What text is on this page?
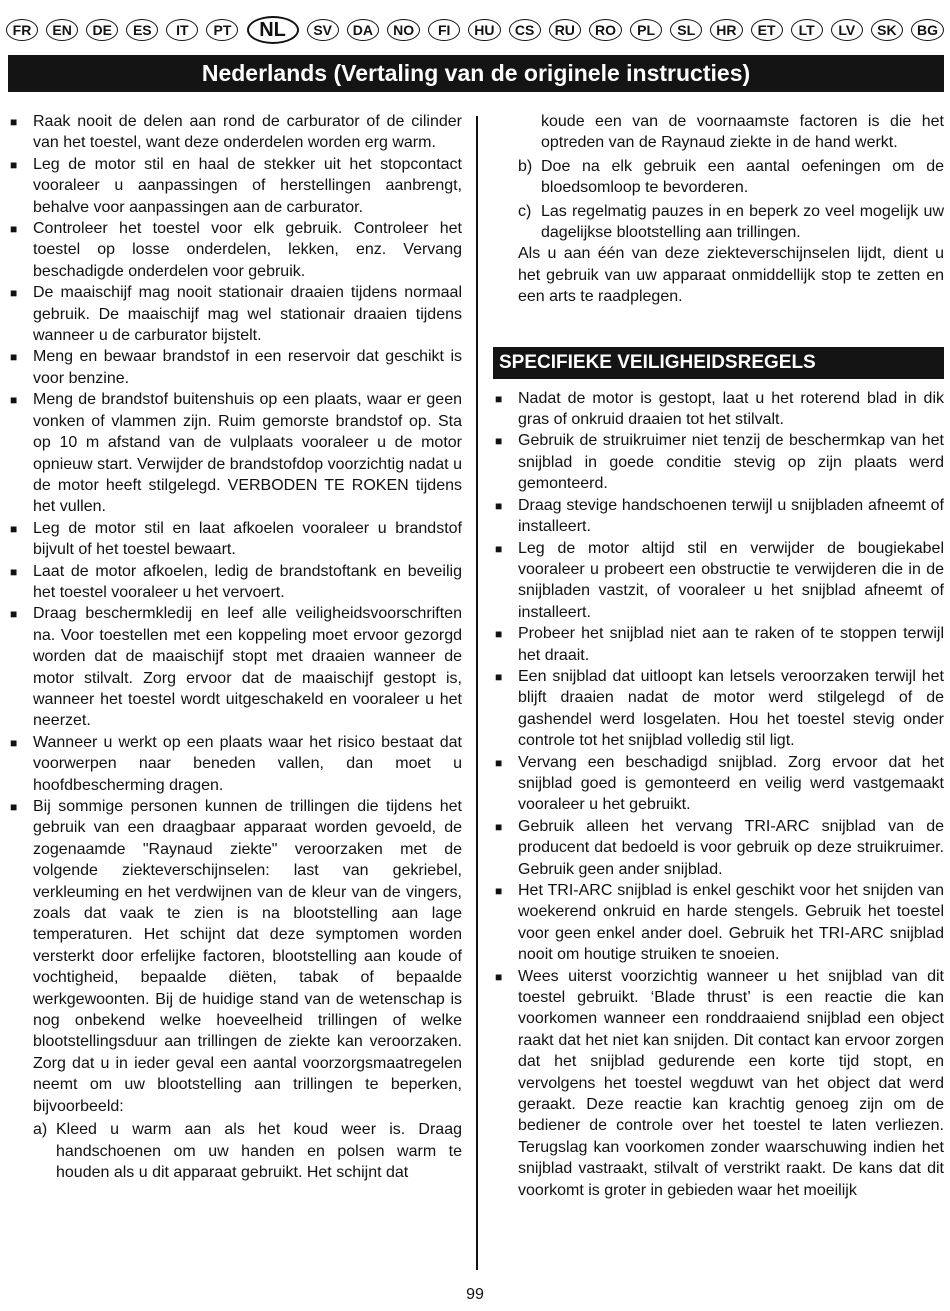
FR	EN	DE	ES	IT	PT	NL	SV	DA	NO	FI	HU	CS	RU	RO	PL	SL	HR	ET	LT	LV	SK	BG
Nederlands (Vertaling van de originele instructies)
■ Raak nooit de delen aan rond de carburator of de cilinder van het toestel, want deze onderdelen worden erg warm.
■ Leg de motor stil en haal de stekker uit het stopcontact vooraleer u aanpassingen of herstellingen aanbrengt, behalve voor aanpassingen aan de carburator.
■ Controleer het toestel voor elk gebruik. Controleer het toestel op losse onderdelen, lekken, enz. Vervang beschadigde onderdelen voor gebruik.
■ De maaischijf mag nooit stationair draaien tijdens normaal gebruik. De maaischijf mag wel stationair draaien tijdens wanneer u de carburator bijstelt.
■ Meng en bewaar brandstof in een reservoir dat geschikt is voor benzine.
■ Meng de brandstof buitenshuis op een plaats, waar er geen vonken of vlammen zijn. Ruim gemorste brandstof op. Sta op 10 m afstand van de vulplaats vooraleer u de motor opnieuw start. Verwijder de brandstofdop voorzichtig nadat u de motor heeft stilgelegd. VERBODEN TE ROKEN tijdens het vullen.
■ Leg de motor stil en laat afkoelen vooraleer u brandstof bijvult of het toestel bewaart.
■ Laat de motor afkoelen, ledig de brandstoftank en beveilig het toestel vooraleer u het vervoert.
■ Draag beschermkledij en leef alle veiligheidsvoorschriften na. Voor toestellen met een koppeling moet ervoor gezorgd worden dat de maaischijf stopt met draaien wanneer de motor stilvalt. Zorg ervoor dat de maaischijf gestopt is, wanneer het toestel wordt uitgeschakeld en vooraleer u het neerzet.
■ Wanneer u werkt op een plaats waar het risico bestaat dat voorwerpen naar beneden vallen, dan moet u hoofdbescherming dragen.
■ Bij sommige personen kunnen de trillingen die tijdens het gebruik van een draagbaar apparaat worden gevoeld, de zogenaamde "Raynaud ziekte" veroorzaken met de volgende ziekteverschijnselen: last van gekriebel, verkleuming en het verdwijnen van de kleur van de vingers, zoals dat vaak te zien is na blootstelling aan lage temperaturen. Het schijnt dat deze symptomen worden versterkt door erfelijke factoren, blootstelling aan koude of vochtigheid, bepaalde diëten, tabak of bepaalde werkgewoonten. Bij de huidige stand van de wetenschap is nog onbekend welke hoeveelheid trillingen of welke blootstellingsduur aan trillingen de ziekte kan veroorzaken. Zorg dat u in ieder geval een aantal voorzorgsmaatregelen neemt om uw blootstelling aan trillingen te beperken, bijvoorbeeld:
a) Kleed u warm aan als het koud weer is. Draag handschoenen om uw handen en polsen warm te houden als u dit apparaat gebruikt. Het schijnt dat
koude een van de voornaamste factoren is die het optreden van de Raynaud ziekte in de hand werkt.
b) Doe na elk gebruik een aantal oefeningen om de bloedsomloop te bevorderen.
c) Las regelmatig pauzes in en beperk zo veel mogelijk uw dagelijkse blootstelling aan trillingen.
Als u aan één van deze ziekteverschijnselen lijdt, dient u het gebruik van uw apparaat onmiddellijk stop te zetten en een arts te raadplegen.
SPECIFIEKE VEILIGHEIDSREGELS
■ Nadat de motor is gestopt, laat u het roterend blad in dik gras of onkruid draaien tot het stilvalt.
■ Gebruik de struikruimer niet tenzij de beschermkap van het snijblad in goede conditie stevig op zijn plaats werd gemonteerd.
■ Draag stevige handschoenen terwijl u snijbladen afneemt of installeert.
■ Leg de motor altijd stil en verwijder de bougiekabel vooraleer u probeert een obstructie te verwijderen die in de snijbladen vastzit, of vooraleer u het snijblad afneemt of installeert.
■ Probeer het snijblad niet aan te raken of te stoppen terwijl het draait.
■ Een snijblad dat uitloopt kan letsels veroorzaken terwijl het blijft draaien nadat de motor werd stilgelegd of de gashendel werd losgelaten. Hou het toestel stevig onder controle tot het snijblad volledig stil ligt.
■ Vervang een beschadigd snijblad. Zorg ervoor dat het snijblad goed is gemonteerd en veilig werd vastgemaakt vooraleer u het gebruikt.
■ Gebruik alleen het vervang TRI-ARC snijblad van de producent dat bedoeld is voor gebruik op deze struikruimer. Gebruik geen ander snijblad.
■ Het TRI-ARC snijblad is enkel geschikt voor het snijden van woekerend onkruid en harde stengels. Gebruik het toestel voor geen enkel ander doel. Gebruik het TRI-ARC snijblad nooit om houtige struiken te snoeien.
■ Wees uiterst voorzichtig wanneer u het snijblad van dit toestel gebruikt. ‘Blade thrust’ is een reactie die kan voorkomen wanneer een ronddraaiend snijblad een object raakt dat het niet kan snijden. Dit contact kan ervoor zorgen dat het snijblad gedurende een korte tijd stopt, en vervolgens het toestel wegduwt van het object dat werd geraakt. Deze reactie kan krachtig genoeg zijn om de bediener de controle over het toestel te laten verliezen. Terugslag kan voorkomen zonder waarschuwing indien het snijblad vastraakt, stilvalt of verstrikt raakt. De kans dat dit voorkomt is groter in gebieden waar het moeilijk
99
